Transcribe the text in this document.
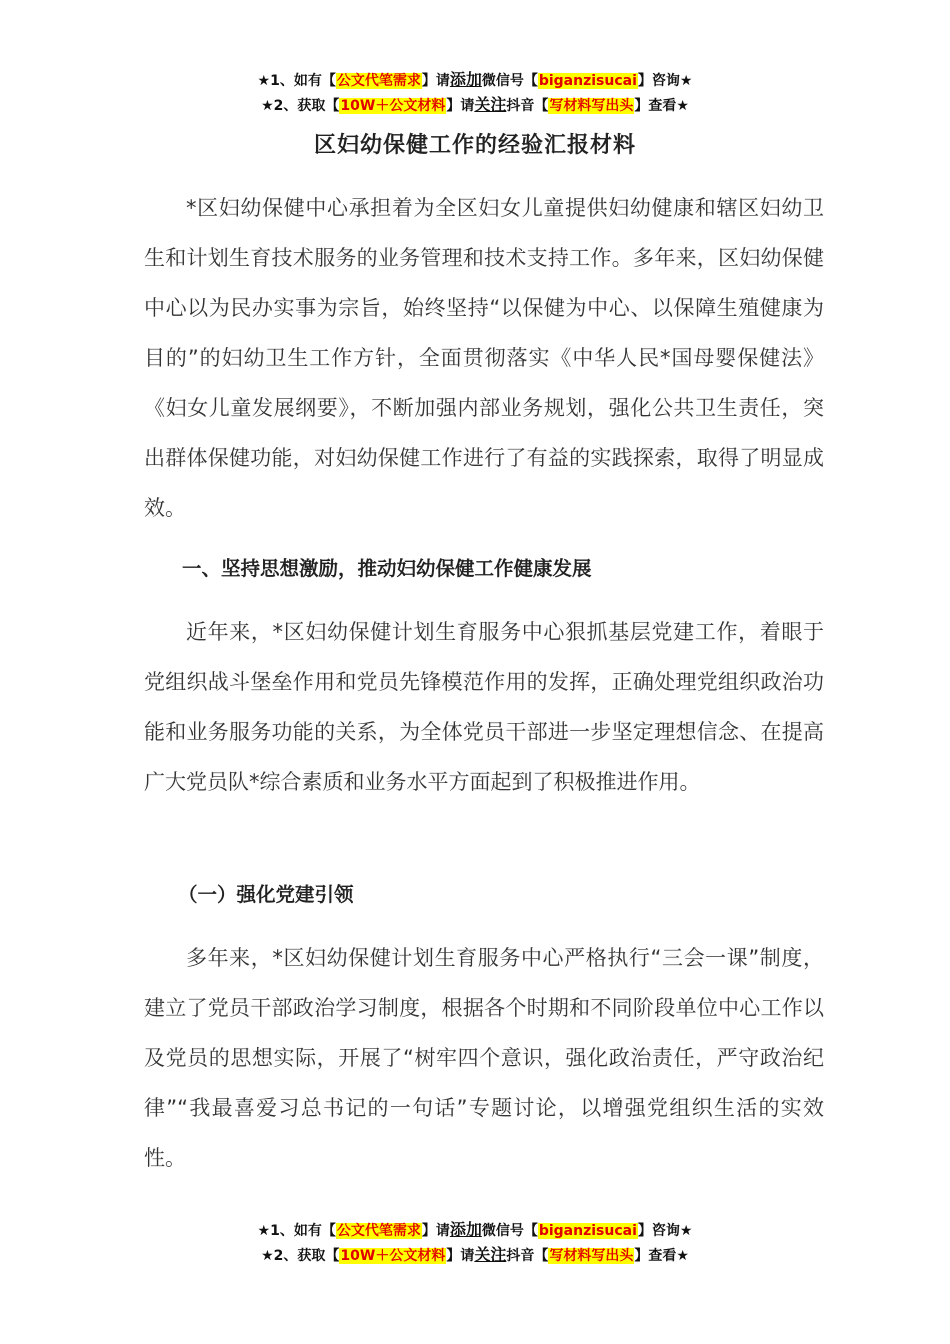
★1、如有【公文代笔需求】请添加微信号【biganzisucai】咨询★
★2、获取【10W＋公文材料】请关注抖音【写材料写出头】查看★
区妇幼保健工作的经验汇报材料

*区妇幼保健中心承担着为全区妇女儿童提供妇幼健康和辖区妇幼卫生和计划生育技术服务的业务管理和技术支持工作。多年来，区妇幼保健中心以为民办实事为宗旨，始终坚持“以保健为中心、以保障生殖健康为目的”的妇幼卫生工作方针，全面贯彻落实《中华人民*国母婴保健法》《妇女儿童发展纲要》，不断加强内部业务规划，强化公共卫生责任，突出群体保健功能，对妇幼保健工作进行了有益的实践探索，取得了明显成效。

一、坚持思想激励，推动妇幼保健工作健康发展

近年来，*区妇幼保健计划生育服务中心狠抓基层党建工作，着眼于党组织战斗堡垒作用和党员先锋模范作用的发挥，正确处理党组织政治功能和业务服务功能的关系，为全体党员干部进一步坚定理想信念、在提高广大党员队*综合素质和业务水平方面起到了积极推进作用。

（一）强化党建引领

多年来，*区妇幼保健计划生育服务中心严格执行“三会一课”制度，建立了党员干部政治学习制度，根据各个时期和不同阶段单位中心工作以及党员的思想实际，开展了“树牢四个意识，强化政治责任，严守政治纪律”“我最喜爱习总书记的一句话”专题讨论，以增强党组织生活的实效性。

★1、如有【公文代笔需求】请添加微信号【biganzisucai】咨询★
★2、获取【10W＋公文材料】请关注抖音【写材料写出头】查看★
